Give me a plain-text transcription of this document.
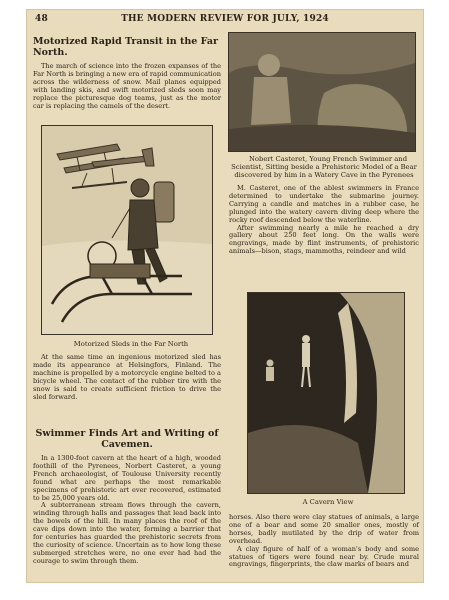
48	THE MODERN REVIEW FOR JULY, 1924
Motorized Rapid Transit in the Far North.

The march of science into the frozen expanses of the Far North is bringing a new era of rapid communication across the wilderness of snow. Mail planes equipped with landing skis, and swift motorized sleds soon may replace the picturesque dog teams, just as the motor car is replacing the camels of the desert.

Motorized Sleds in the Far North

At the same time an ingenious motorized sled has made its appearance at Helsingfors, Finland. The machine is propelled by a motorcycle engine belted to a bicycle wheel. The contact of the rubber tire with the snow is said to create sufficient friction to drive the sled forward.

Swimmer Finds Art and Writing of Cavemen.

In a 1300-foot cavern at the heart of a high, wooded foothill of the Pyrenees, Norbert Casteret, a young French archaeologist, of Toulouse University recently found what are perhaps the most remarkable specimens of prehistoric art ever recovered, estimated to be 25,000 years old.

A subterranean stream flows through the cavern, winding through halls and passages that lead back into the bowels of the hill. In many places the roof of the cave dips down into the water, forming a barrier that for centuries has guarded the prehistoric secrets from the curiosity of science. Uncertain as to how long these submerged stretches were, no one ever had had the courage to swim through them.

Nobert Casteret, Young French Swimmer and Scientist, Sitting beside a Prehistoric Model of a Bear discovered by him in a Watery Cave in the Pyrenees

M. Casteret, one of the ablest swimmers in France determined to undertake the submarine journey. Carrying a candle and matches in a rubber case, he plunged into the watery cavern diving deep where the rocky roof descended below the waterline.

After swimming nearly a mile he reached a dry gallery about 250 feet long. On the walls were engravings, made by flint instruments, of prehistoric animals—bison, stags, mammoths, reindeer and wild

A Cavern View

horses. Also there were clay statues of animals, a large one of a bear and some 20 smaller ones, mostly of horses, badly mutilated by the drip of water from overhead.

A clay figure of half of a woman's body and some statues of tigers were found near by. Crude mural engravings, fingerprints, the claw marks of bears and
